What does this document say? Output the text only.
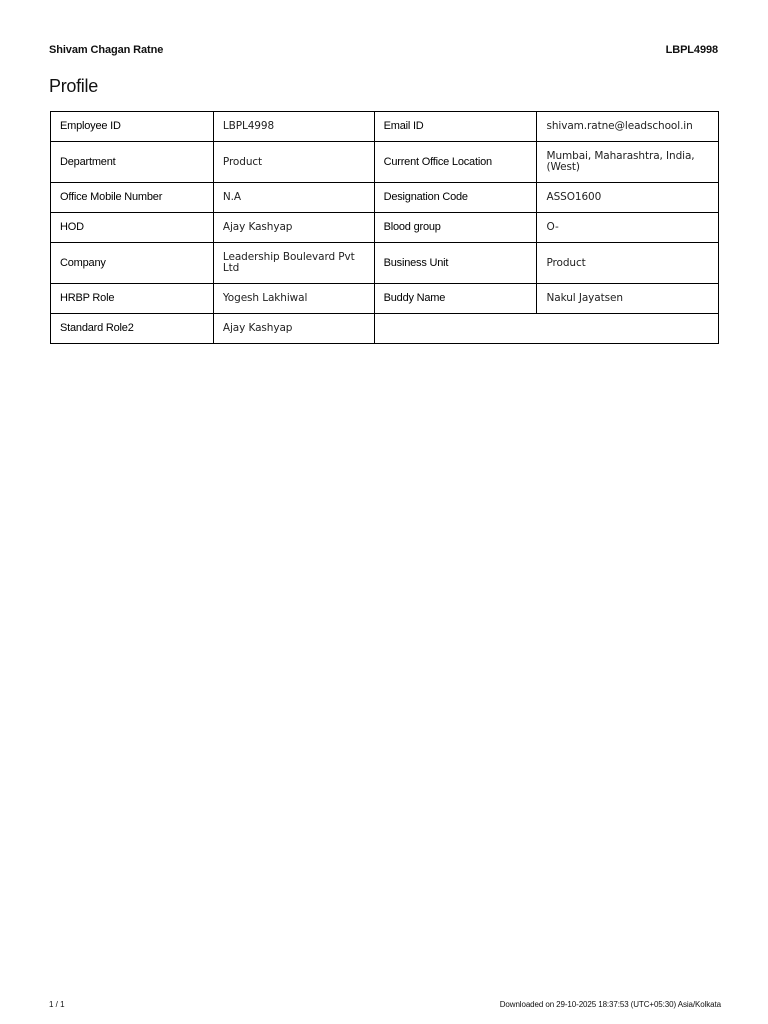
Shivam Chagan Ratne	LBPL4998
Profile
Employee ID	LBPL4998	Email ID	shivam.ratne@leadschool.in
Department	Product	Current Office Location	Mumbai, Maharashtra, India, (West)
Office Mobile Number	N.A	Designation Code	ASSO1600
HOD	Ajay Kashyap	Blood group	O-
Company	Leadership Boulevard Pvt Ltd	Business Unit	Product
HRBP Role	Yogesh Lakhiwal	Buddy Name	Nakul Jayatsen
Standard Role2	Ajay Kashyap		
1 / 1	Downloaded on 29-10-2025 18:37:53 (UTC+05:30) Asia/Kolkata
